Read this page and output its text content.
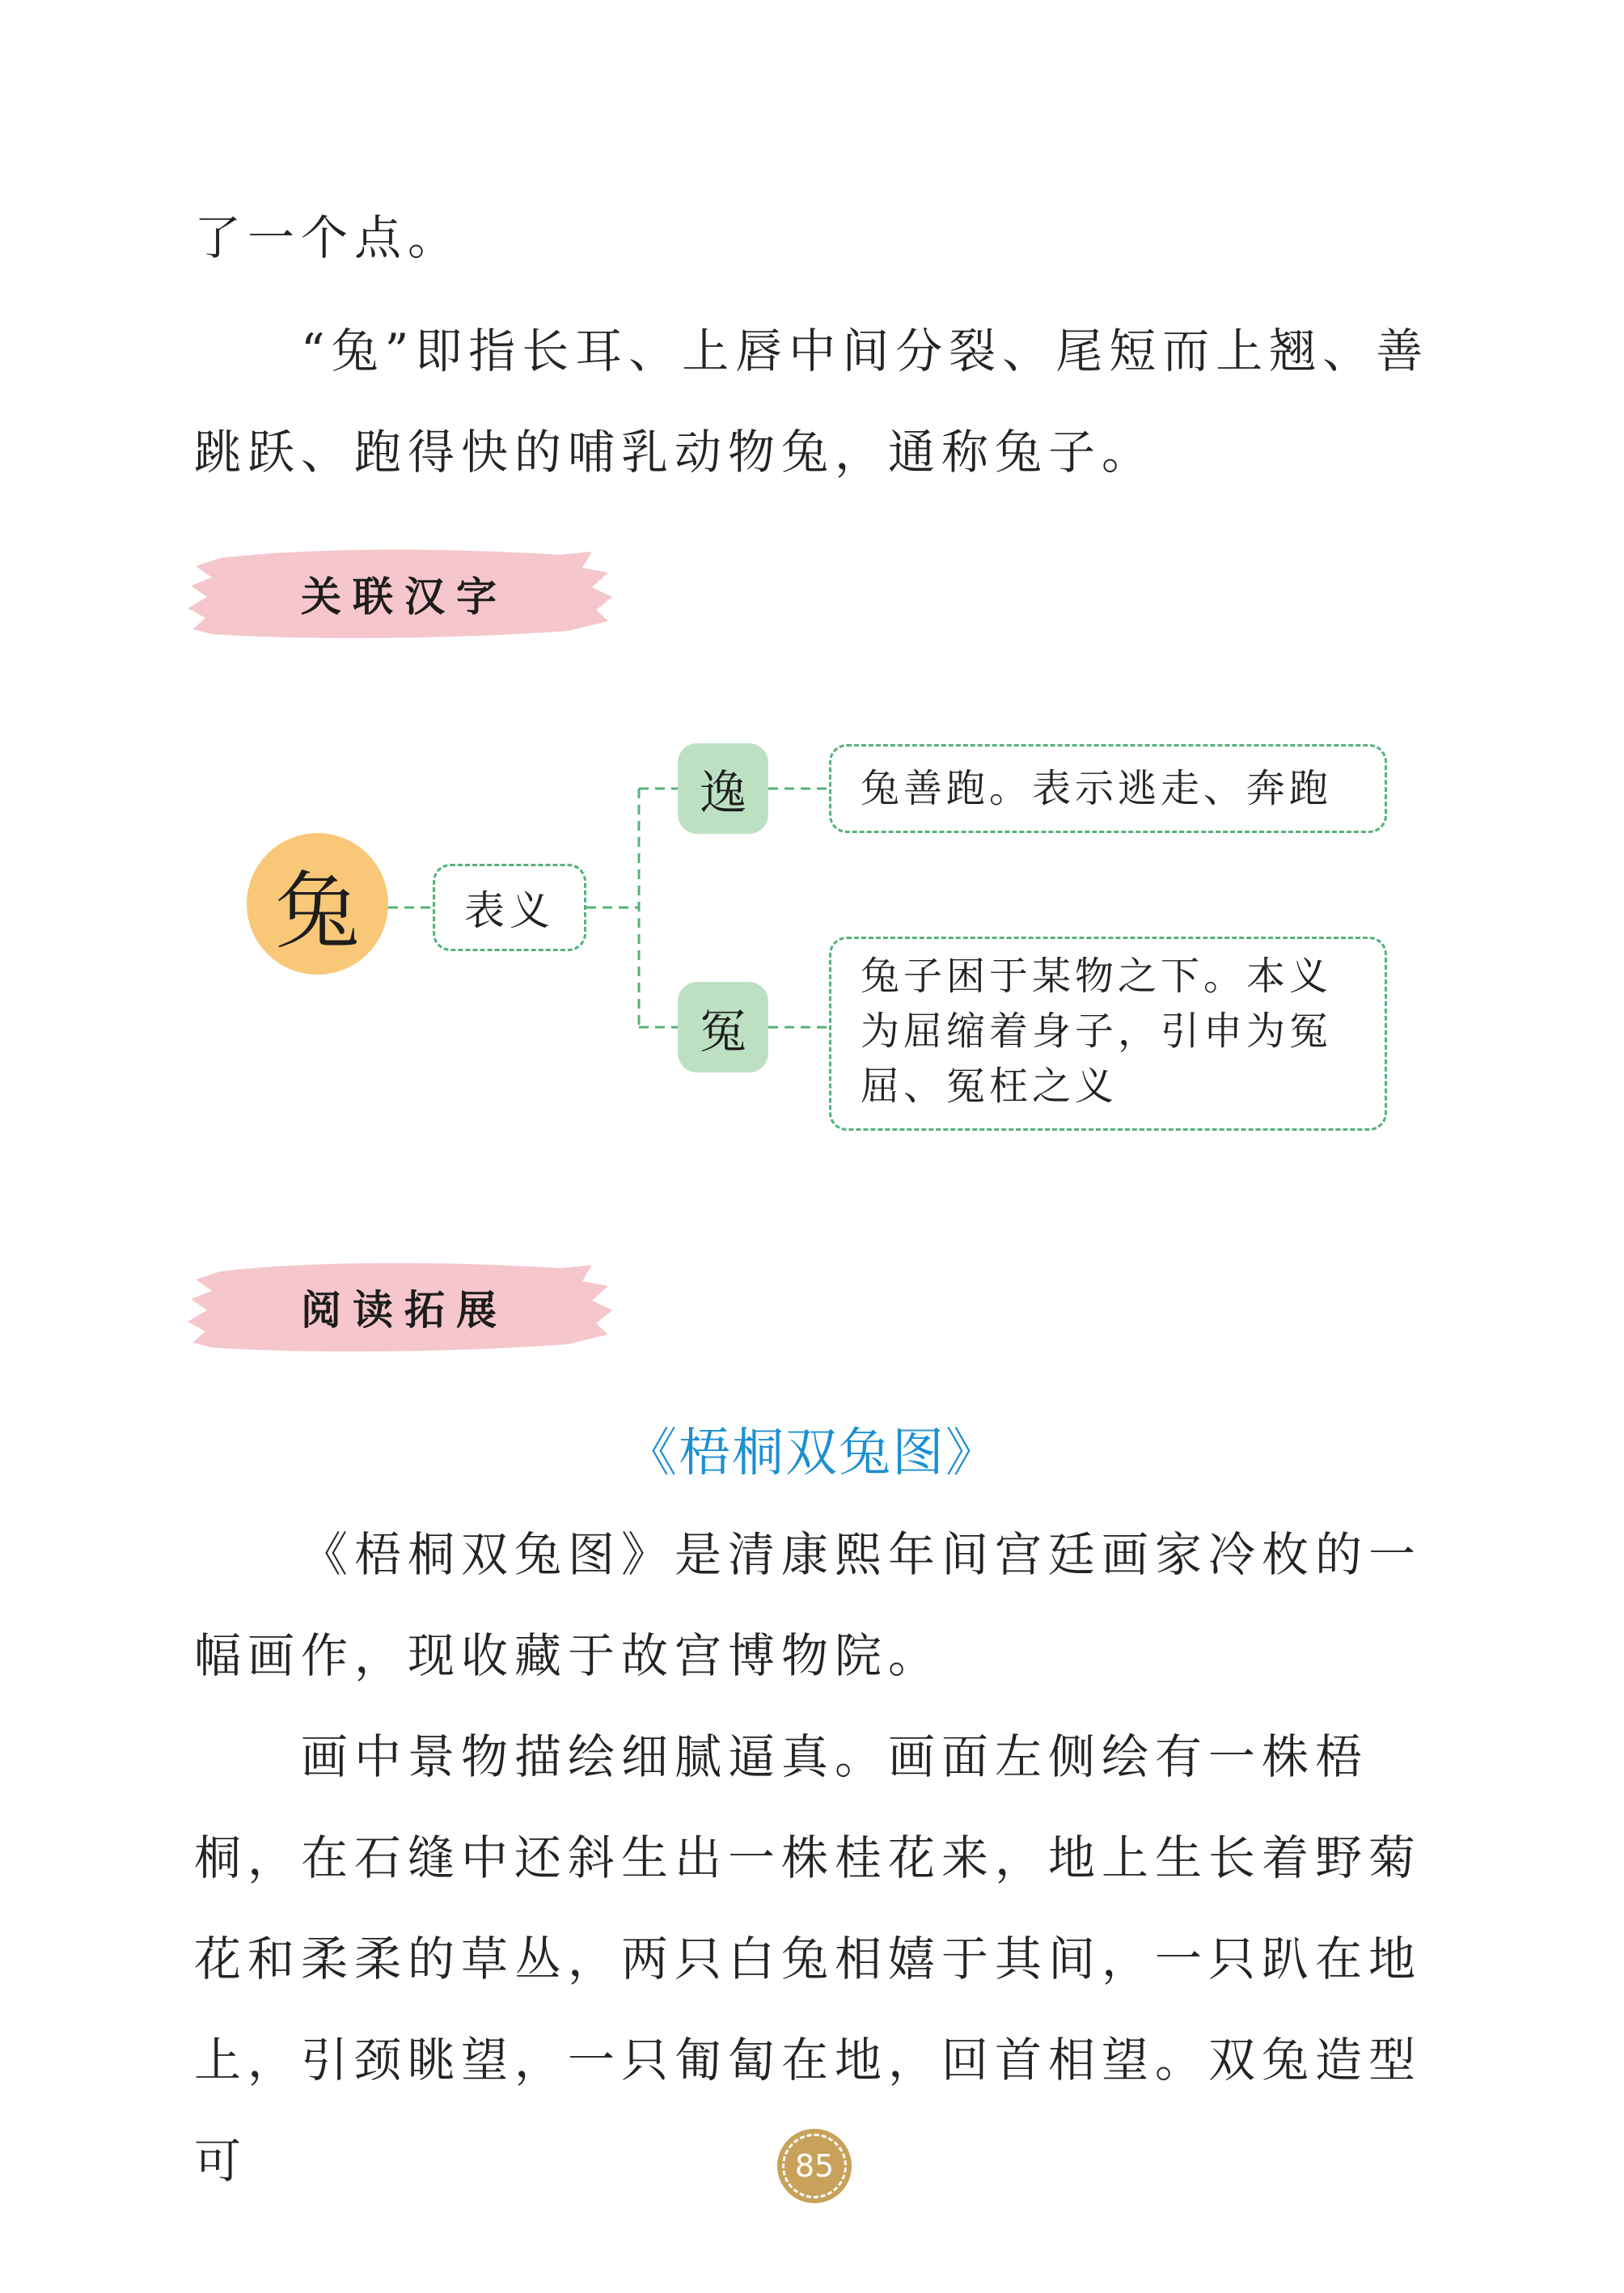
了一个点。

“兔”即指长耳、上唇中间分裂、尾短而上翘、善跳跃、跑得快的哺乳动物兔，通称兔子。

关联汉字
兔	表义
逸	兔善跑。表示逃走、奔跑
冤
兔子困于某物之下。本义为屈缩着身子，引申为冤屈、冤枉之义
阅读拓展
《梧桐双兔图》

《梧桐双兔图》是清康熙年间宫廷画家冷枚的一幅画作，现收藏于故宫博物院。

画中景物描绘细腻逼真。画面左侧绘有一株梧桐，在石缝中还斜生出一株桂花来，地上生长着野菊花和柔柔的草丛，两只白兔相嬉于其间，一只趴在地上，引颈眺望，一只匍匐在地，回首相望。双兔造型可	85
